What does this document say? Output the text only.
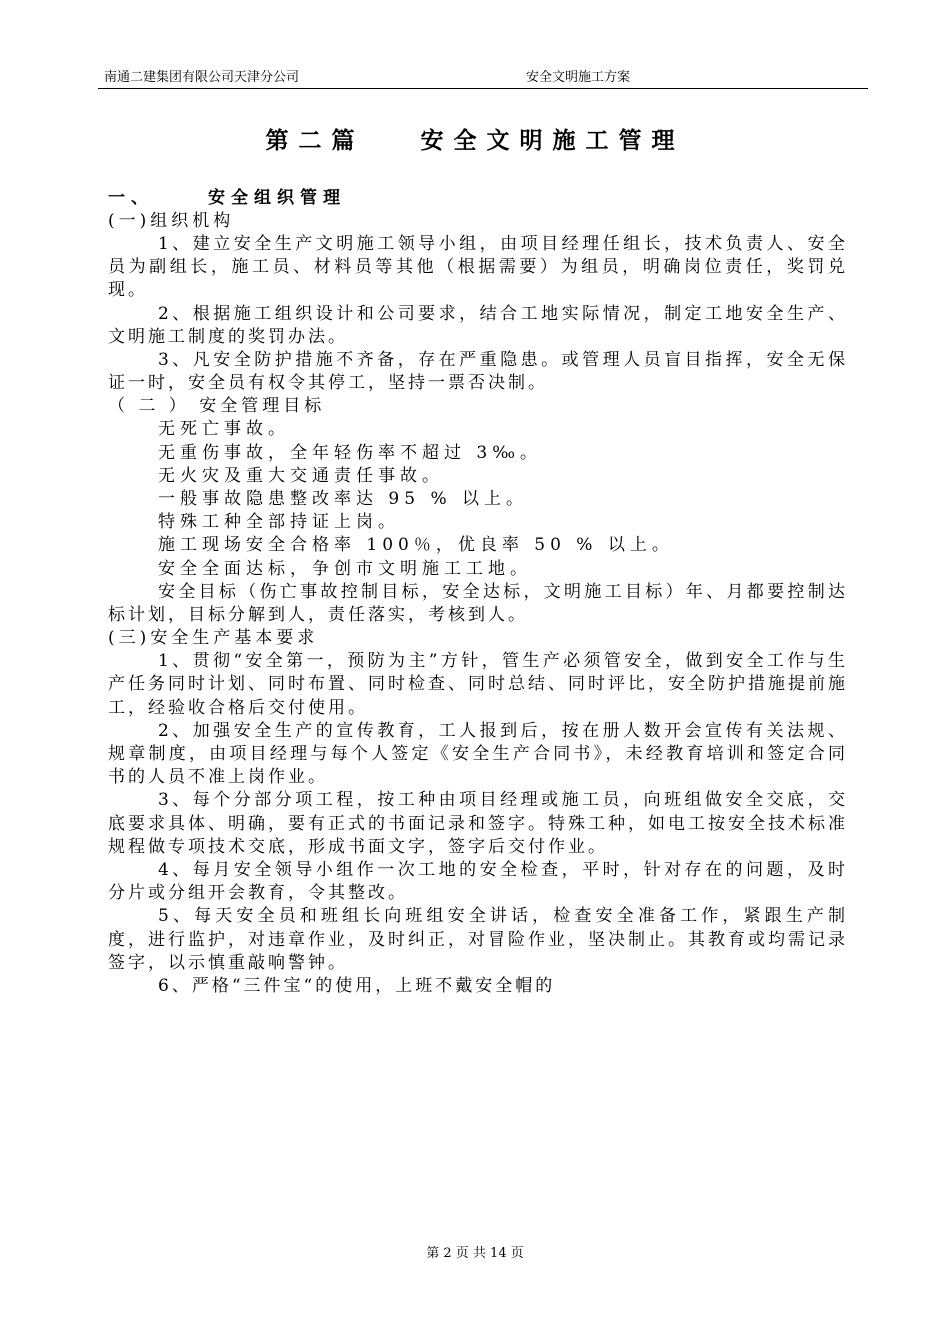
南通二建集团有限公司天津分公司	安全文明施工方案
第二篇 安全文明施工管理
一、	安全组织管理
(一)组织机构

1、建立安全生产文明施工领导小组，由项目经理任组长，技术负责人、安全员为副组长，施工员、材料员等其他（根据需要）为组员，明确岗位责任，奖罚兑现。

2、根据施工组织设计和公司要求，结合工地实际情况，制定工地安全生产、文明施工制度的奖罚办法。

3、凡安全防护措施不齐备，存在严重隐患。或管理人员盲目指挥，安全无保证一时，安全员有权令其停工，坚持一票否决制。

（ 二 ） 安全管理目标
无死亡事故。
无重伤事故，全年轻伤率不超过 3‰。
无火灾及重大交通责任事故。
一般事故隐患整改率达 95 % 以上。
特殊工种全部持证上岗。
施工现场安全合格率 100％，优良率 50 % 以上。
安全全面达标，争创市文明施工工地。

安全目标（伤亡事故控制目标，安全达标，文明施工目标）年、月都要控制达标计划，目标分解到人，责任落实，考核到人。

(三)安全生产基本要求

1、贯彻“安全第一，预防为主”方针，管生产必须管安全，做到安全工作与生产任务同时计划、同时布置、同时检查、同时总结、同时评比，安全防护措施提前施工，经验收合格后交付使用。

2、加强安全生产的宣传教育，工人报到后，按在册人数开会宣传有关法规、规章制度，由项目经理与每个人签定《安全生产合同书》，未经教育培训和签定合同书的人员不准上岗作业。

3、每个分部分项工程，按工种由项目经理或施工员，向班组做安全交底，交底要求具体、明确，要有正式的书面记录和签字。特殊工种，如电工按安全技术标准规程做专项技术交底，形成书面文字，签字后交付作业。

4、每月安全领导小组作一次工地的安全检查，平时，针对存在的问题，及时分片或分组开会教育，令其整改。

5、每天安全员和班组长向班组安全讲话，检查安全准备工作，紧跟生产制度，进行监护，对违章作业，及时纠正，对冒险作业，坚决制止。其教育或均需记录签字，以示慎重敲响警钟。

6、严格“三件宝“的使用，上班不戴安全帽的

第 2 页 共 14 页
